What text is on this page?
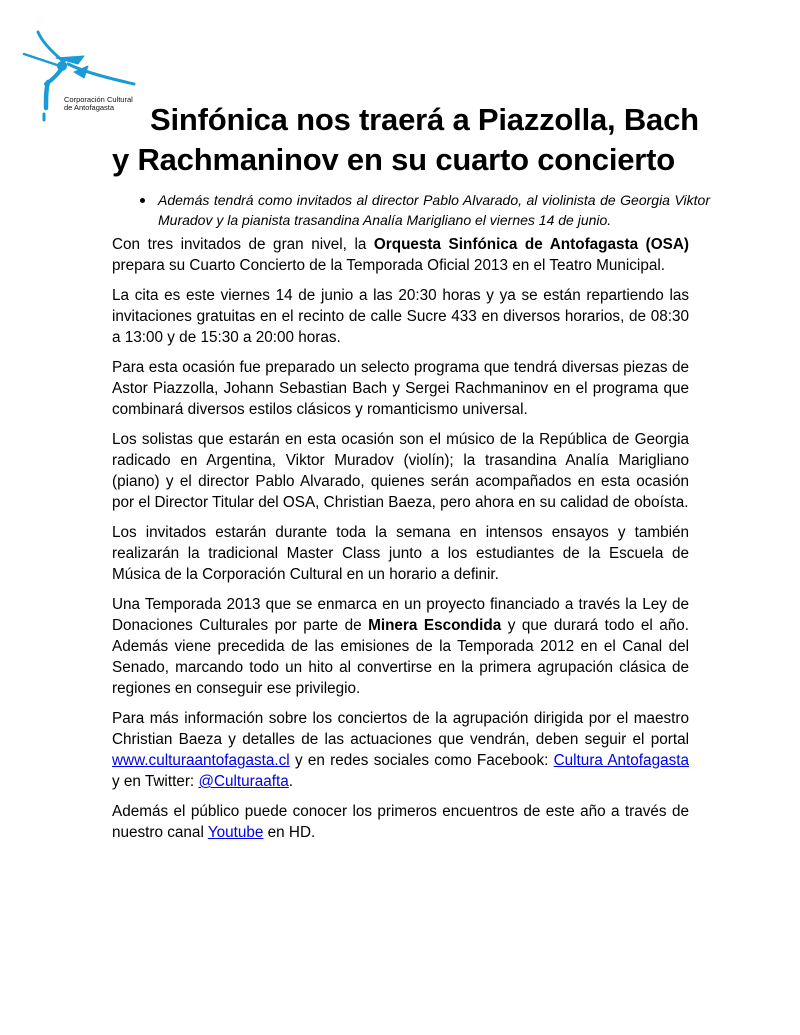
Corporación Cultural
de Antofagasta	Sinfónica nos traerá a Piazzolla, Bach
y Rachmaninov en su cuarto concierto
Además tendrá como invitados al director Pablo Alvarado, al violinista de Georgia Viktor Muradov y la pianista trasandina Analía Marigliano el viernes 14 de junio.

Con tres invitados de gran nivel, la Orquesta Sinfónica de Antofagasta (OSA) prepara su Cuarto Concierto de la Temporada Oficial 2013 en el Teatro Municipal.

La cita es este viernes 14 de junio a las 20:30 horas y ya se están repartiendo las invitaciones gratuitas en el recinto de calle Sucre 433 en diversos horarios, de 08:30 a 13:00 y de 15:30 a 20:00 horas.

Para esta ocasión fue preparado un selecto programa que tendrá diversas piezas de Astor Piazzolla, Johann Sebastian Bach y Sergei Rachmaninov en el programa que combinará diversos estilos clásicos y romanticismo universal.

Los solistas que estarán en esta ocasión son el músico de la República de Georgia radicado en Argentina, Viktor Muradov (violín); la trasandina Analía Marigliano (piano) y el director Pablo Alvarado, quienes serán acompañados en esta ocasión por el Director Titular del OSA, Christian Baeza, pero ahora en su calidad de oboísta.

Los invitados estarán durante toda la semana en intensos ensayos y también realizarán la tradicional Master Class junto a los estudiantes de la Escuela de Música de la Corporación Cultural en un horario a definir.

Una Temporada 2013 que se enmarca en un proyecto financiado a través la Ley de Donaciones Culturales por parte de Minera Escondida y que durará todo el año. Además viene precedida de las emisiones de la Temporada 2012 en el Canal del Senado, marcando todo un hito al convertirse en la primera agrupación clásica de regiones en conseguir ese privilegio.

Para más información sobre los conciertos de la agrupación dirigida por el maestro Christian Baeza y detalles de las actuaciones que vendrán, deben seguir el portal www.culturaantofagasta.cl y en redes sociales como Facebook: Cultura Antofagasta y en Twitter: @Culturaafta.

Además el público puede conocer los primeros encuentros de este año a través de nuestro canal Youtube en HD.
